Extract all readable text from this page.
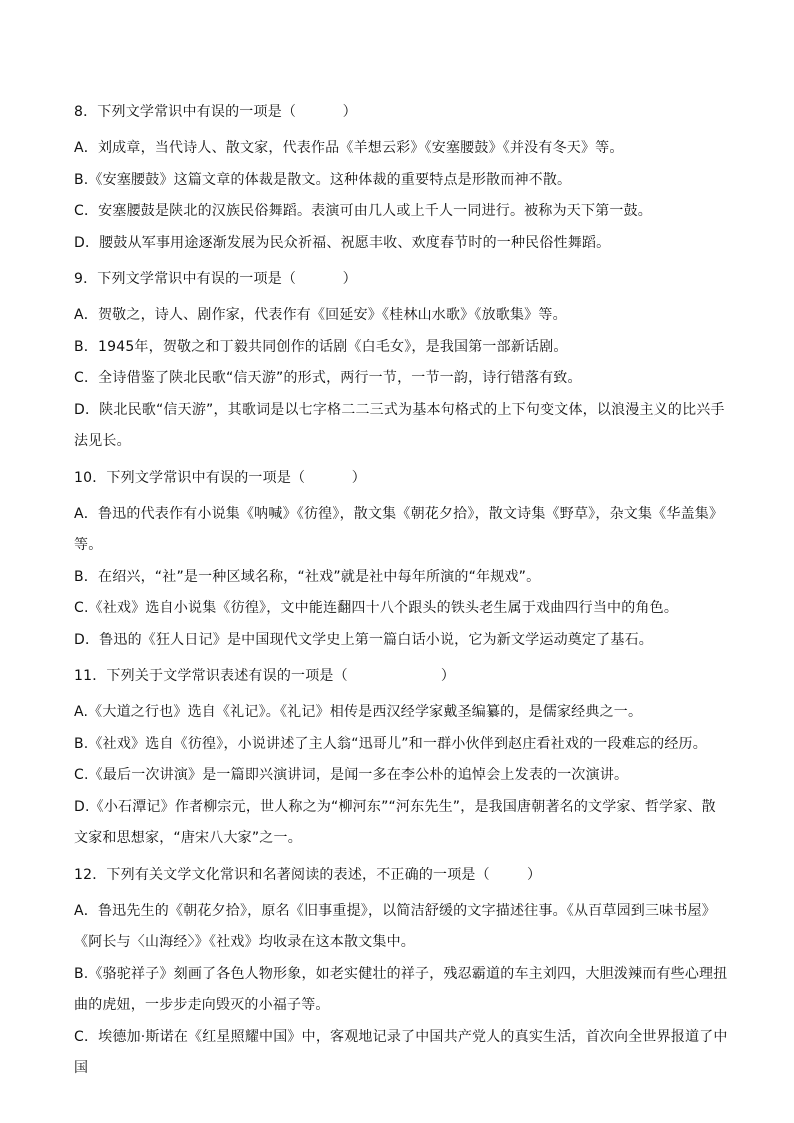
8．下列文学常识中有误的一项是（          ）

A．刘成章，当代诗人、散文家，代表作品《羊想云彩》《安塞腰鼓》《并没有冬天》等。

B.《安塞腰鼓》这篇文章的体裁是散文。这种体裁的重要特点是形散而神不散。

C．安塞腰鼓是陕北的汉族民俗舞蹈。表演可由几人或上千人一同进行。被称为天下第一鼓。

D．腰鼓从军事用途逐渐发展为民众祈福、祝愿丰收、欢度春节时的一种民俗性舞蹈。

9．下列文学常识中有误的一项是（          ）

A．贺敬之，诗人、剧作家，代表作有《回延安》《桂林山水歌》《放歌集》等。

B．1945年，贺敬之和丁毅共同创作的话剧《白毛女》，是我国第一部新话剧。

C．全诗借鉴了陕北民歌“信天游”的形式，两行一节，一节一韵，诗行错落有致。

D．陕北民歌“信天游”，其歌词是以七字格二二三式为基本句格式的上下句变文体，以浪漫主义的比兴手法见长。

10．下列文学常识中有误的一项是（          ）

A．鲁迅的代表作有小说集《呐喊》《彷徨》，散文集《朝花夕拾》，散文诗集《野草》，杂文集《华盖集》等。

B．在绍兴，“社”是一种区域名称，“社戏”就是社中每年所演的“年规戏”。

C.《社戏》选自小说集《彷徨》，文中能连翻四十八个跟头的铁头老生属于戏曲四行当中的角色。

D．鲁迅的《狂人日记》是中国现代文学史上第一篇白话小说，它为新文学运动奠定了基石。

11．下列关于文学常识表述有误的一项是（                    ）

A.《大道之行也》选自《礼记》。《礼记》相传是西汉经学家戴圣编纂的，是儒家经典之一。

B.《社戏》选自《彷徨》，小说讲述了主人翁“迅哥儿”和一群小伙伴到赵庄看社戏的一段难忘的经历。

C.《最后一次讲演》是一篇即兴演讲词，是闻一多在李公朴的追悼会上发表的一次演讲。

D.《小石潭记》作者柳宗元，世人称之为“柳河东”“河东先生”，是我国唐朝著名的文学家、哲学家、散文家和思想家，“唐宋八大家”之一。

12．下列有关文学文化常识和名著阅读的表述，不正确的一项是（        ）

A．鲁迅先生的《朝花夕拾》，原名《旧事重提》，以简洁舒缓的文字描述往事。《从百草园到三味书屋》《阿长与〈山海经〉》《社戏》均收录在这本散文集中。

B.《骆驼祥子》刻画了各色人物形象，如老实健壮的祥子，残忍霸道的车主刘四，大胆泼辣而有些心理扭曲的虎妞，一步步走向毁灭的小福子等。

C．埃德加·斯诺在《红星照耀中国》中，客观地记录了中国共产党人的真实生活，首次向全世界报道了中国
